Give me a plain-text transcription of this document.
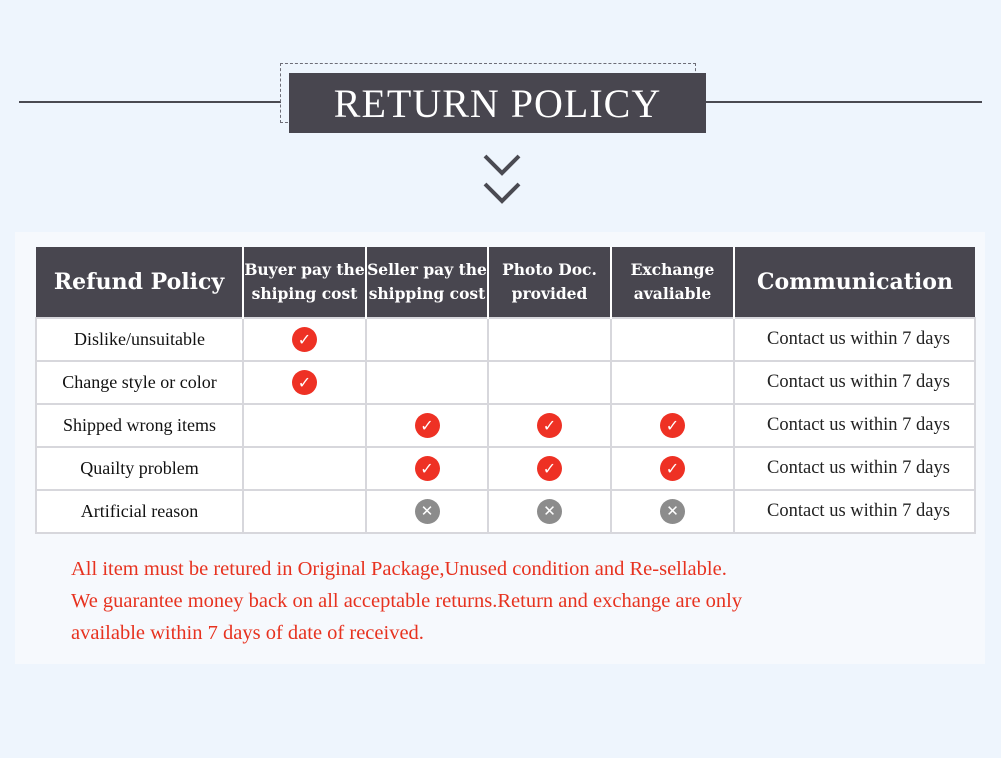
RETURN POLICY
Refund Policy	Buyer pay the shiping cost	Seller pay the shipping cost	Photo Doc. provided	Exchange avaliable	Communication
Dislike/unsuitable	✓				Contact us within 7 days
Change style or color	✓				Contact us within 7 days
Shipped wrong items		✓	✓	✓	Contact us within 7 days
Quailty problem		✓	✓	✓	Contact us within 7 days
Artificial reason		✕	✕	✕	Contact us within 7 days
All item must be retured in Original Package,Unused condition and Re-sellable.
We guarantee money back on all acceptable returns.Return and exchange are only
available within 7 days of date of received.
